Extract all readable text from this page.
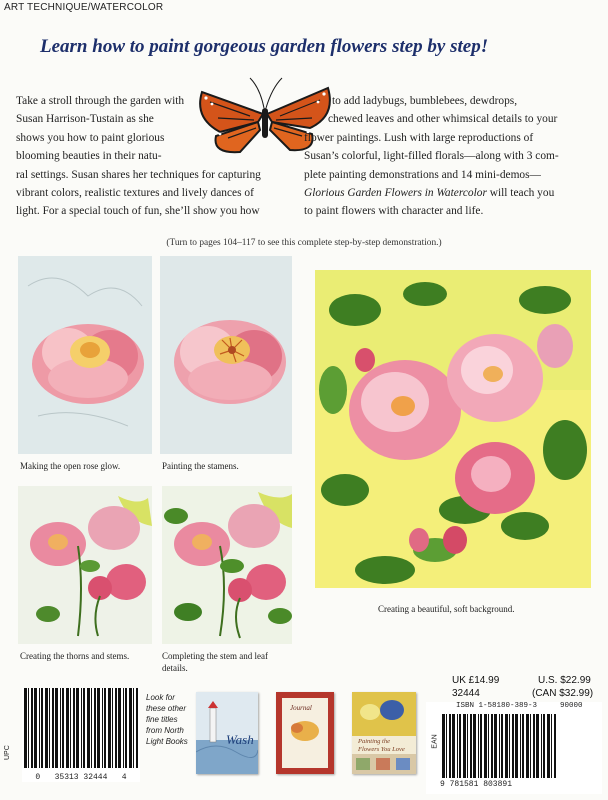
ART TECHNIQUE/WATERCOLOR
Learn how to paint gorgeous garden flowers step by step!
Take a stroll through the garden with
Susan Harrison-Tustain as she
shows you how to paint glorious
blooming beauties in their natu-
ral settings. Susan shares her techniques for capturing
vibrant colors, realistic textures and lively dances of
light. For a special touch of fun, she’ll show you how
to add ladybugs, bumblebees, dewdrops,
chewed leaves and other whimsical details to your
flower paintings. Lush with large reproductions of
Susan’s colorful, light-filled florals—along with 3 com-
plete painting demonstrations and 14 mini-demos—
Glorious Garden Flowers in Watercolor will teach you
to paint flowers with character and life.
(Turn to pages 104–117 to see this complete step-by-step demonstration.)
Making the open rose glow.	Painting the stamens.
Creating the thorns and stems.	Completing the stem and leaf details.
Creating a beautiful, soft background.
Look for these other fine titles from North Light Books	Wash
Journal
Painting the Flowers You Love
UK £14.99	U.S. $22.99
32444	(CAN $32.99)
UPC
0   35313 32444   4
ISBN 1-58180-389-3
EAN
90000
9 781581 803891
